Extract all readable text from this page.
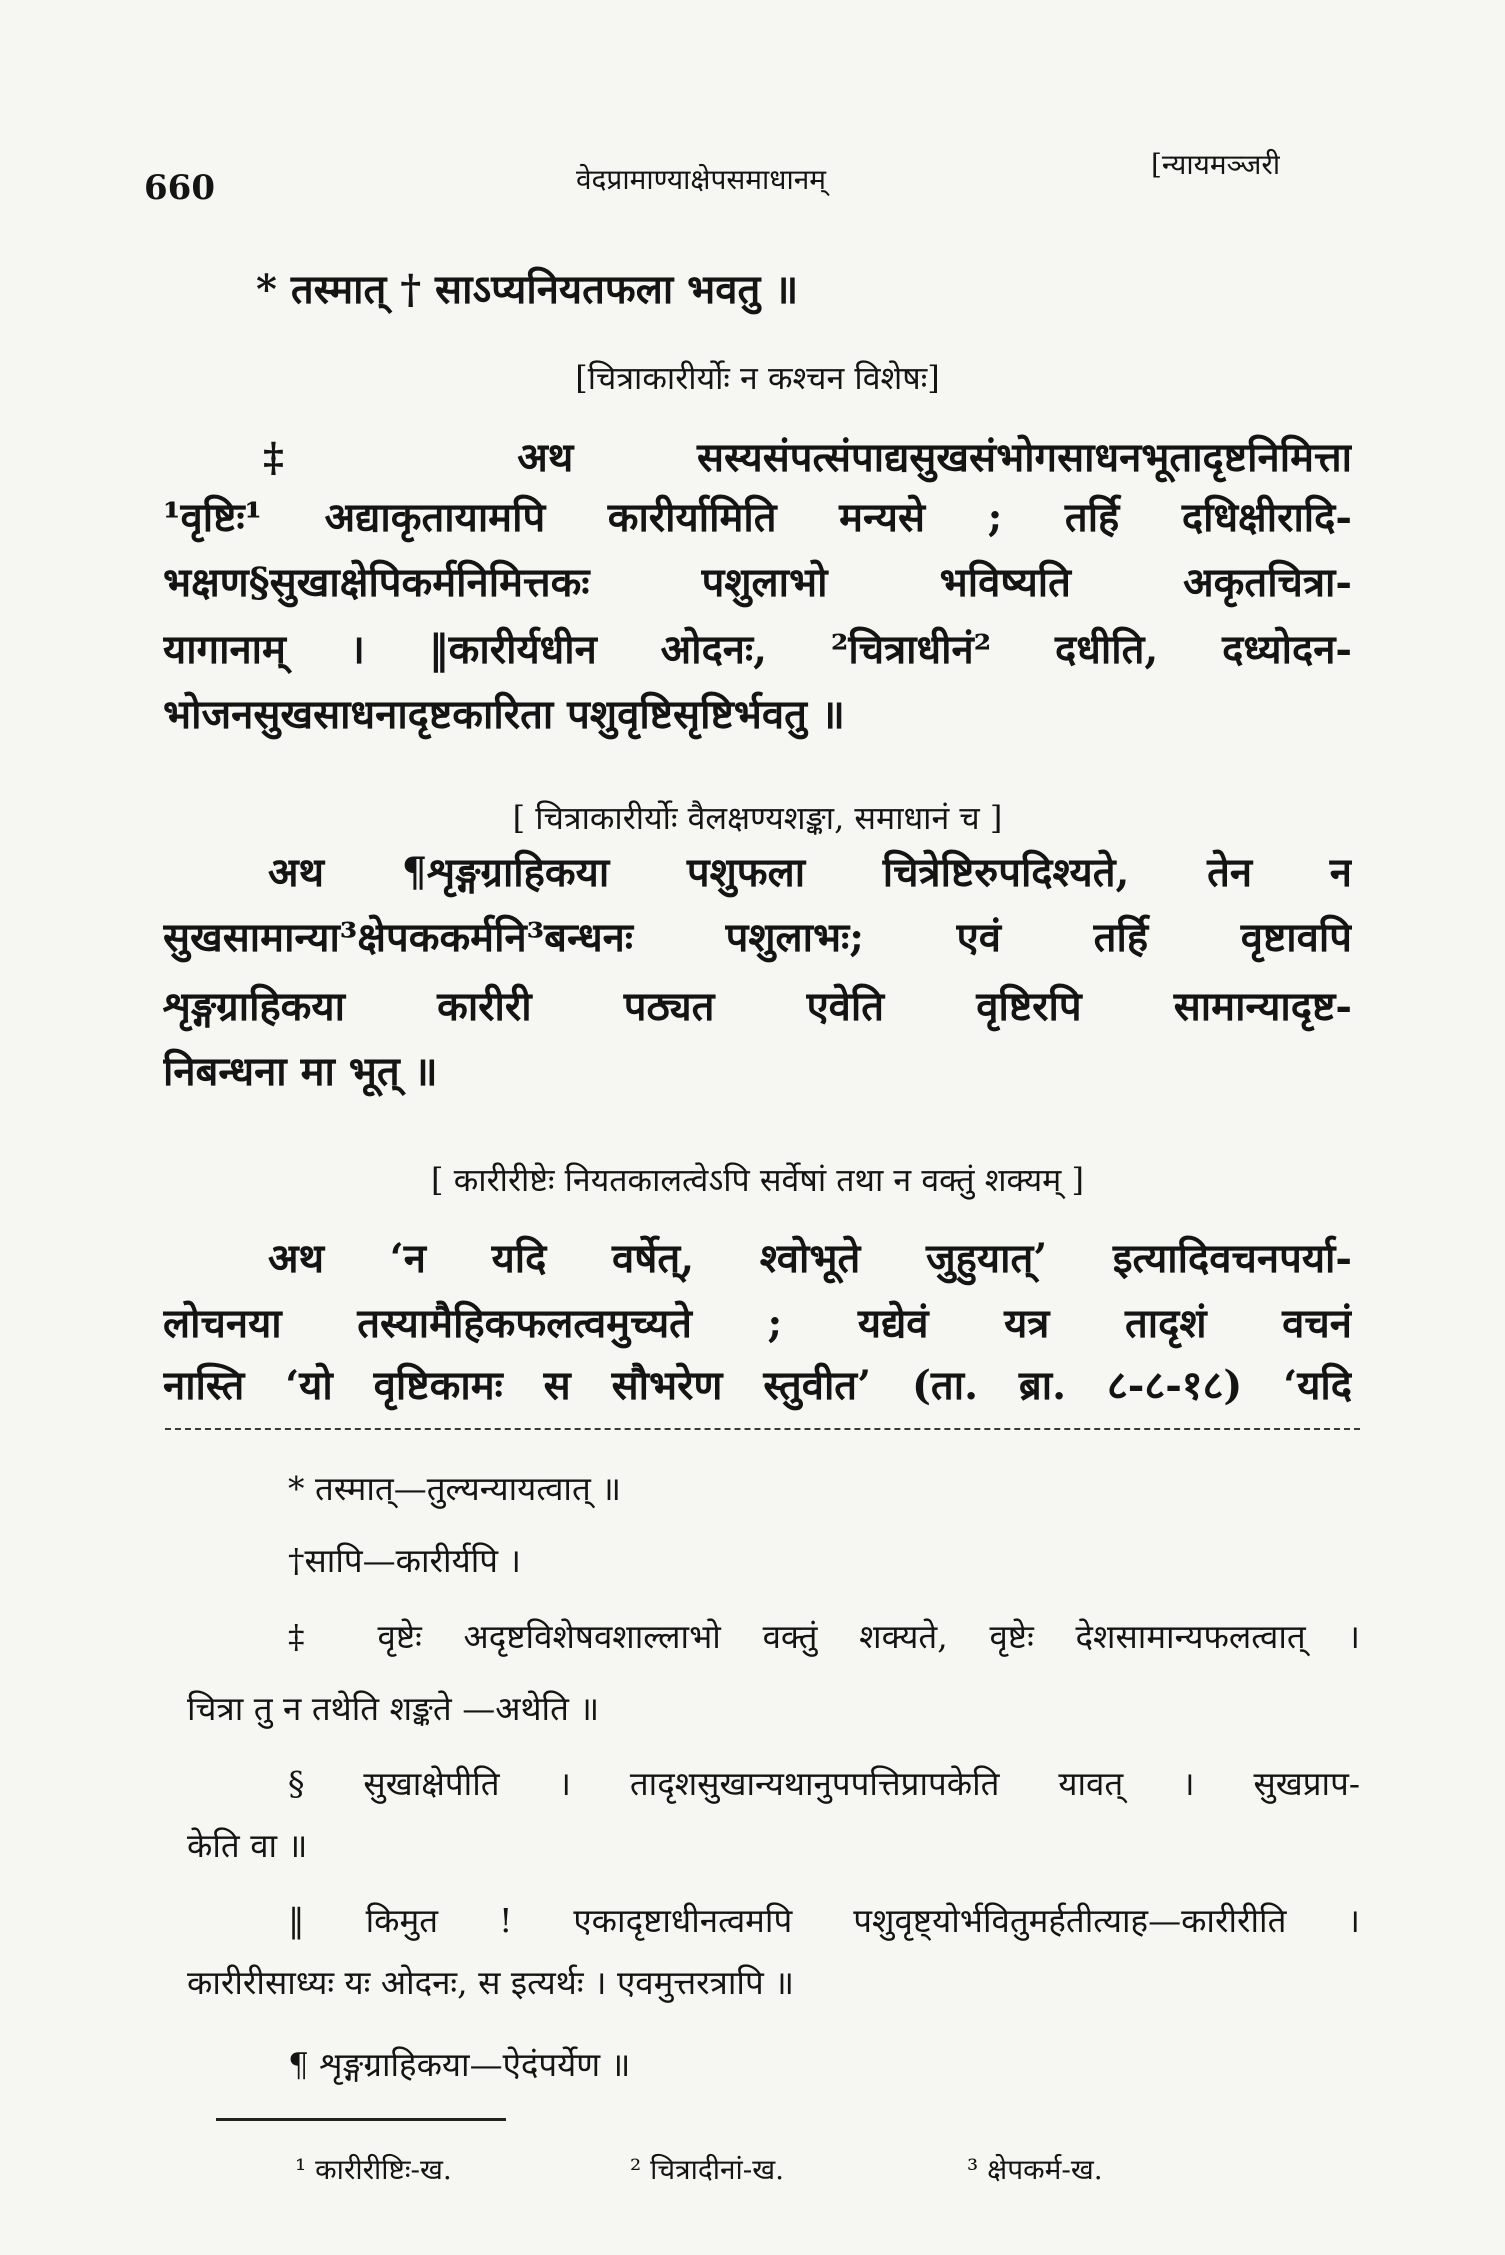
660	वेदप्रामाण्याक्षेपसमाधानम्	[न्यायमञ्जरी
* तस्मात् † साऽप्यनियतफला भवतु ॥
[चित्राकारीर्योः न कश्चन विशेषः]
‡ अथ सस्यसंपत्संपाद्यसुखसंभोगसाधनभूतादृष्टनिमित्ता
¹वृष्टिः¹ अद्याकृतायामपि कारीर्यामिति मन्यसे ; तर्हि दधिक्षीरादि-
भक्षण§सुखाक्षेपिकर्मनिमित्तकः पशुलाभो भविष्यति अकृतचित्रा-
यागानाम् । ‖कारीर्यधीन ओदनः, ²चित्राधीनं² दधीति, दध्योदन-
भोजनसुखसाधनादृष्टकारिता पशुवृष्टिसृष्टिर्भवतु ॥
[ चित्राकारीर्योः वैलक्षण्यशङ्का, समाधानं च ]
अथ ¶शृङ्गग्राहिकया पशुफला चित्रेष्टिरुपदिश्यते, तेन न
सुखसामान्या³क्षेपककर्मनि³बन्धनः पशुलाभः; एवं तर्हि वृष्टावपि
शृङ्गग्राहिकया कारीरी पठ्यत एवेति वृष्टिरपि सामान्यादृष्ट-
निबन्धना मा भूत् ॥
[ कारीरीष्टेः नियतकालत्वेऽपि सर्वेषां तथा न वक्तुं शक्यम् ]
अथ ‘न यदि वर्षेत्, श्वोभूते जुहुयात्’ इत्यादिवचनपर्या-
लोचनया तस्यामैहिकफलत्वमुच्यते ; यद्येवं यत्र तादृशं वचनं
नास्ति ‘यो वृष्टिकामः स सौभरेण स्तुवीत’ (ता. ब्रा. ८-८-१८) ‘यदि
* तस्मात्—तुल्यन्यायत्वात् ॥
†सापि—कारीर्यपि ।
‡ वृष्टेः अदृष्टविशेषवशाल्लाभो वक्तुं शक्यते, वृष्टेः देशसामान्यफलत्वात् ।
चित्रा तु न तथेति शङ्कते —अथेति ॥
§ सुखाक्षेपीति । तादृशसुखान्यथानुपपत्तिप्रापकेति यावत् । सुखप्राप-
केति वा ॥
‖ किमुत ! एकादृष्टाधीनत्वमपि पशुवृष्ट्योर्भवितुमर्हतीत्याह—कारीरीति ।
कारीरीसाध्यः यः ओदनः, स इत्यर्थः । एवमुत्तरत्रापि ॥
¶ शृङ्गग्राहिकया—ऐदंपर्येण ॥
¹ कारीरीष्टिः-ख.	² चित्रादीनां-ख.	³ क्षेपकर्म-ख.
